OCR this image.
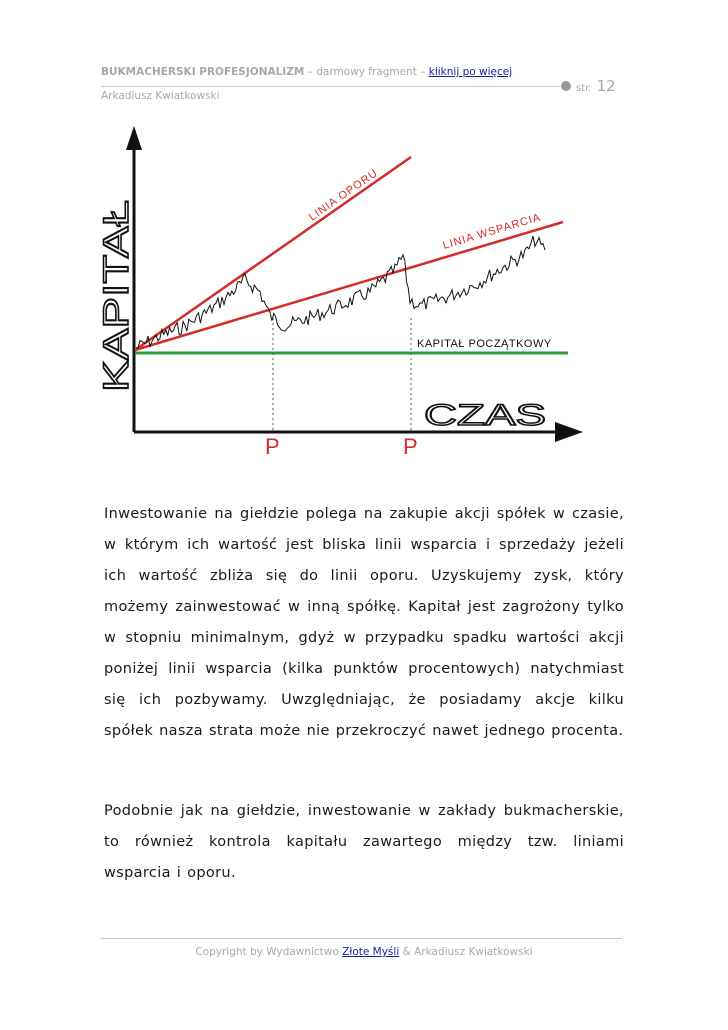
BUKMACHERSKI PROFESJONALIZM – darmowy fragment – kliknij po więcej
str. 12
Arkadiusz Kwiatkowski
KAPITAŁ
CZAS
LINIA OPORU
LINIA WSPARCIA
KAPITAŁ POCZĄTKOWY
P	P
Inwestowanie na giełdzie polega na zakupie akcji spółek w czasie, w którym ich wartość jest bliska linii wsparcia i sprzedaży jeżeli ich wartość zbliża się do linii oporu. Uzyskujemy zysk, który możemy zainwestować w inną spółkę. Kapitał jest zagrożony tylko w stopniu minimalnym, gdyż w przypadku spadku wartości akcji poniżej linii wsparcia (kilka punktów procentowych) natychmiast się ich pozbywamy. Uwzględniając, że posiadamy akcje kilku spółek nasza strata może nie przekroczyć nawet jednego procenta.
Podobnie jak na giełdzie, inwestowanie w zakłady bukmacherskie, to również kontrola kapitału zawartego między tzw. liniami wsparcia i oporu.
Copyright by Wydawnictwo Złote Myśli & Arkadiusz Kwiatkowski
